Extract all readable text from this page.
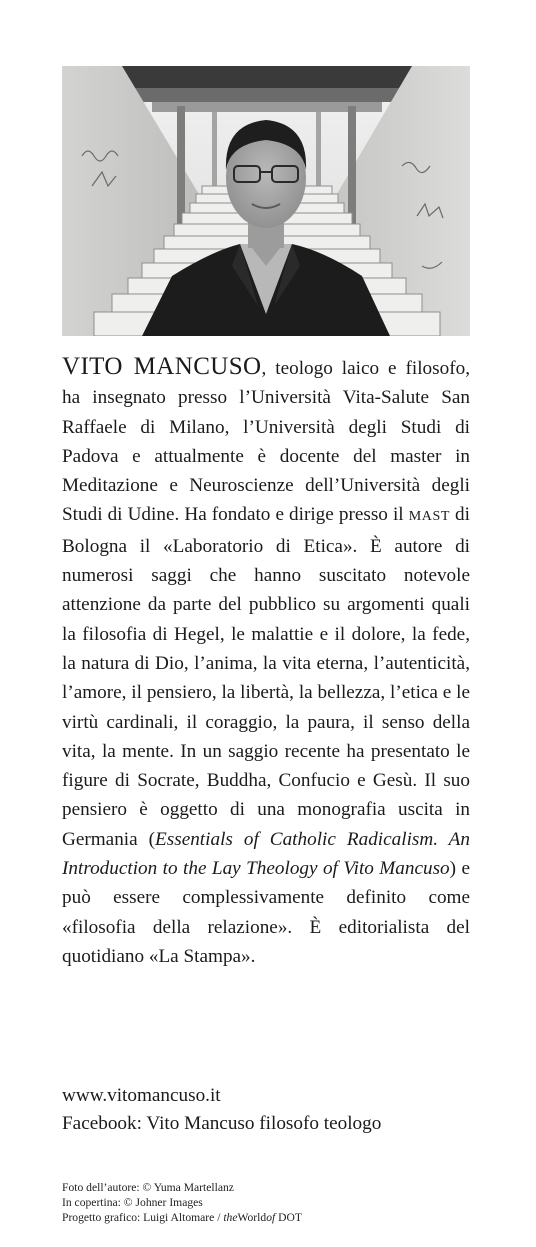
VITO MANCUSO, teologo laico e filosofo, ha insegnato presso l’Università Vita-Salute San Raffaele di Milano, l’Università degli Studi di Padova e attualmente è docente del master in Meditazione e Neuroscienze dell’Università degli Studi di Udine. Ha fondato e dirige presso il MAST di Bologna il «Laboratorio di Etica». È autore di numerosi saggi che hanno suscitato notevole attenzione da parte del pubblico su argomenti quali la filosofia di Hegel, le malattie e il dolore, la fede, la natura di Dio, l’anima, la vita eterna, l’autenticità, l’amore, il pensiero, la libertà, la bellezza, l’etica e le virtù cardinali, il coraggio, la paura, il senso della vita, la mente. In un saggio recente ha presentato le figure di Socrate, Buddha, Confucio e Gesù. Il suo pensiero è oggetto di una monografia uscita in Germania (Essentials of Catholic Radicalism. An Introduction to the Lay Theology of Vito Mancuso) e può essere complessivamente definito come «filosofia della relazione». È editorialista del quotidiano «La Stampa».

www.vitomancuso.it
Facebook: Vito Mancuso filosofo teologo
Foto dell’autore: © Yuma Martellanz
In copertina: © Johner Images
Progetto grafico: Luigi Altomare / theWorldof DOT
